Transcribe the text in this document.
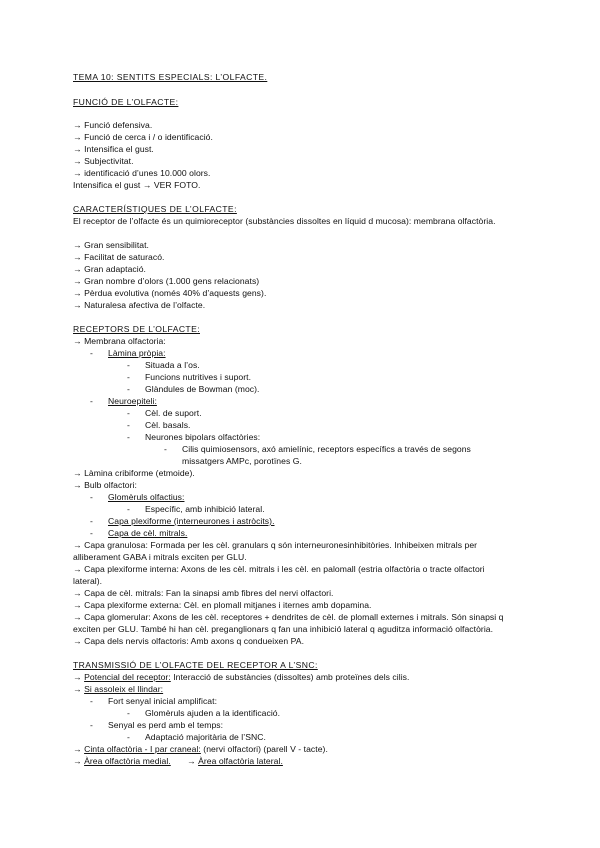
TEMA 10: SENTITS ESPECIALS: L’OLFACTE.
FUNCIÓ DE L’OLFACTE:
→ Funció defensiva.
→ Funció de cerca i / o identificació.
→ Intensifica el gust.
→ Subjectivitat.
→ identificació d’unes 10.000 olors.
Intensifica el gust → VER FOTO.
CARACTERÍSTIQUES DE L’OLFACTE:
El receptor de l’olfacte és un quimioreceptor (substàncies dissoltes en líquid d mucosa): membrana olfactòria.
→ Gran sensibilitat.
→ Facilitat de saturacó.
→ Gran adaptació.
→ Gran nombre d’olors (1.000 gens relacionats)
→ Pèrdua evolutiva (només 40% d’aquests gens).
→ Naturalesa afectiva de l’olfacte.
RECEPTORS DE L’OLFACTE:
→ Membrana olfactoria:
- Làmina pròpia:
- Situada a l’os.
- Funcions nutritives i suport.
- Glàndules de Bowman (moc).
- Neuroepiteli:
- Cèl. de suport.
- Cèl. basals.
- Neurones bipolars olfactòries:
- Cilis quimiosensors, axó amielínic, receptors específics a través de segons
missatgers AMPc, porotïnes G.
→ Làmina cribiforme (etmoide).
→ Bulb olfactori:
- Glomèruls olfactius:
- Específic, amb inhibició lateral.
- Capa plexiforme (interneurones i astròcits).
- Capa de cèl. mitrals.
→ Capa granulosa: Formada per les cèl. granulars q són interneuronesinhibitòries. Inhibeixen mitrals per
alliberament GABA i mitrals exciten per GLU.
→ Capa plexiforme interna: Axons de les cèl. mitrals i les cèl. en palomall (estria olfactòria o tracte olfactori
lateral).
→ Capa de cèl. mitrals: Fan la sinapsi amb fibres del nervi olfactori.
→ Capa plexiforme externa: Cèl. en plomall mitjanes i iternes amb dopamina.
→ Capa glomerular: Axons de les cèl. receptores + dendrites de cèl. de plomall externes i mitrals. Són sinapsi q
exciten per GLU. També hi han cèl. preganglionars q fan una inhibició lateral q aguditza informació olfactòria.
→ Capa dels nervis olfactoris: Amb axons q condueixen PA.
TRANSMISSIÓ DE L’OLFACTE DEL RECEPTOR A L’SNC:
→ Potencial del receptor: Interacció de substàncies (dissoltes) amb proteïnes dels cilis.
→ Si assoleix el llindar:
- Fort senyal inicial amplificat:
- Glomèruls ajuden a la identificació.
- Senyal es perd amb el temps:
- Adaptació majoritària de l’SNC.
→ Cinta olfactòria - I par craneal: (nervi olfactori) (parell V - tacte).
→ Àrea olfactòria medial. → Àrea olfactòria lateral.
